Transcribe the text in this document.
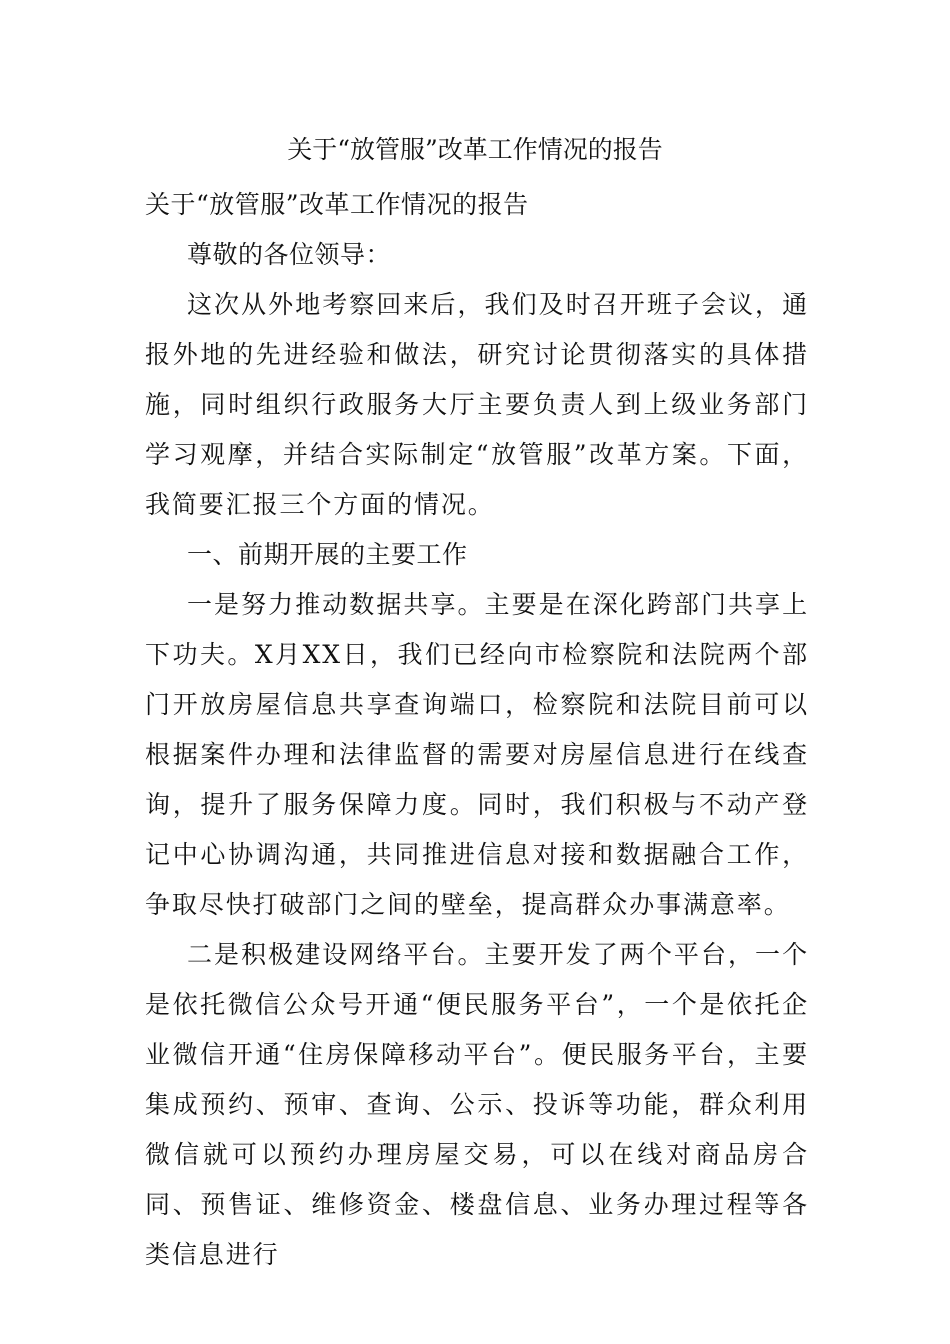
关于“放管服”改革工作情况的报告

关于“放管服”改革工作情况的报告

尊敬的各位领导：

这次从外地考察回来后，我们及时召开班子会议，通报外地的先进经验和做法，研究讨论贯彻落实的具体措施，同时组织行政服务大厅主要负责人到上级业务部门学习观摩，并结合实际制定“放管服”改革方案。下面，我简要汇报三个方面的情况。

一、前期开展的主要工作

一是努力推动数据共享。主要是在深化跨部门共享上下功夫。X月XX日，我们已经向市检察院和法院两个部门开放房屋信息共享查询端口，检察院和法院目前可以根据案件办理和法律监督的需要对房屋信息进行在线查询，提升了服务保障力度。同时，我们积极与不动产登记中心协调沟通，共同推进信息对接和数据融合工作，争取尽快打破部门之间的壁垒，提高群众办事满意率。

二是积极建设网络平台。主要开发了两个平台，一个是依托微信公众号开通“便民服务平台”，一个是依托企业微信开通“住房保障移动平台”。便民服务平台，主要集成预约、预审、查询、公示、投诉等功能，群众利用微信就可以预约办理房屋交易，可以在线对商品房合同、预售证、维修资金、楼盘信息、业务办理过程等各类信息进行
